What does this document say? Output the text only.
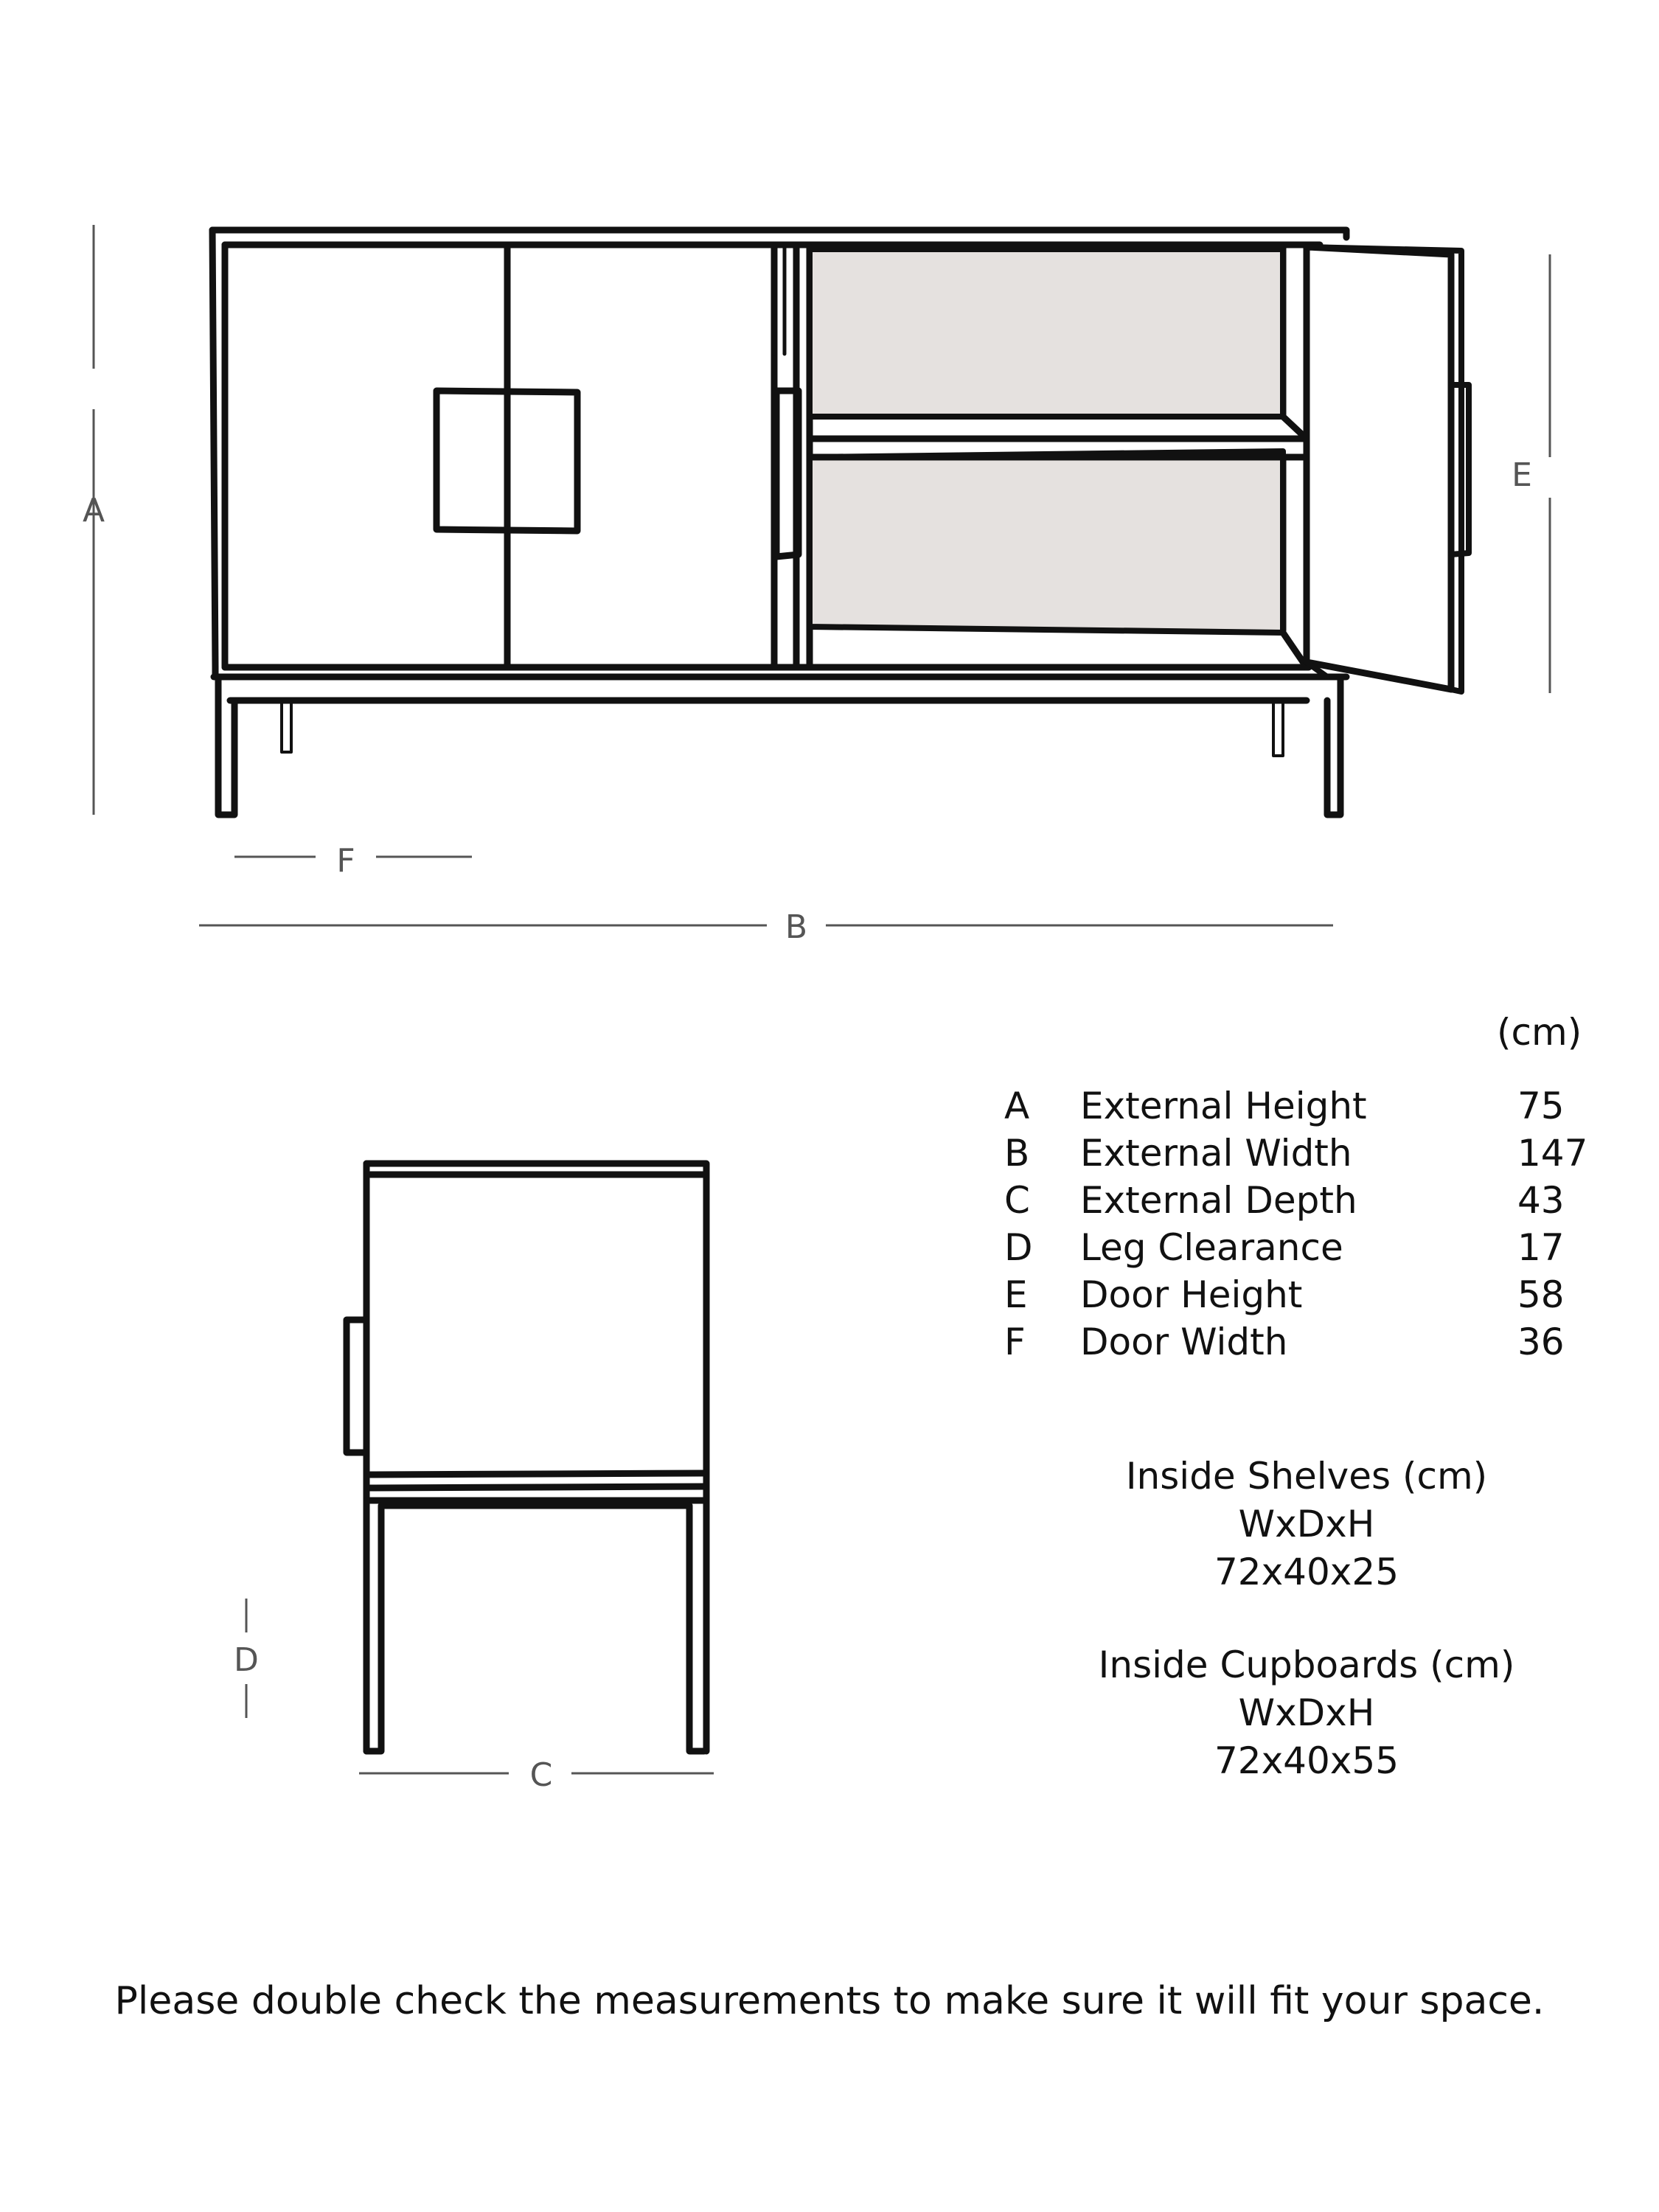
A
E
F
B
D
C
(cm)
A External Height	75
B External Width	147
C External Depth	43
D Leg Clearance	17
E Door Height	58
F Door Width	36
Inside Shelves (cm)
WxDxH
72x40x25
Inside Cupboards (cm)
WxDxH
72x40x55
Please double check the measurements to make sure it will fit your space.
